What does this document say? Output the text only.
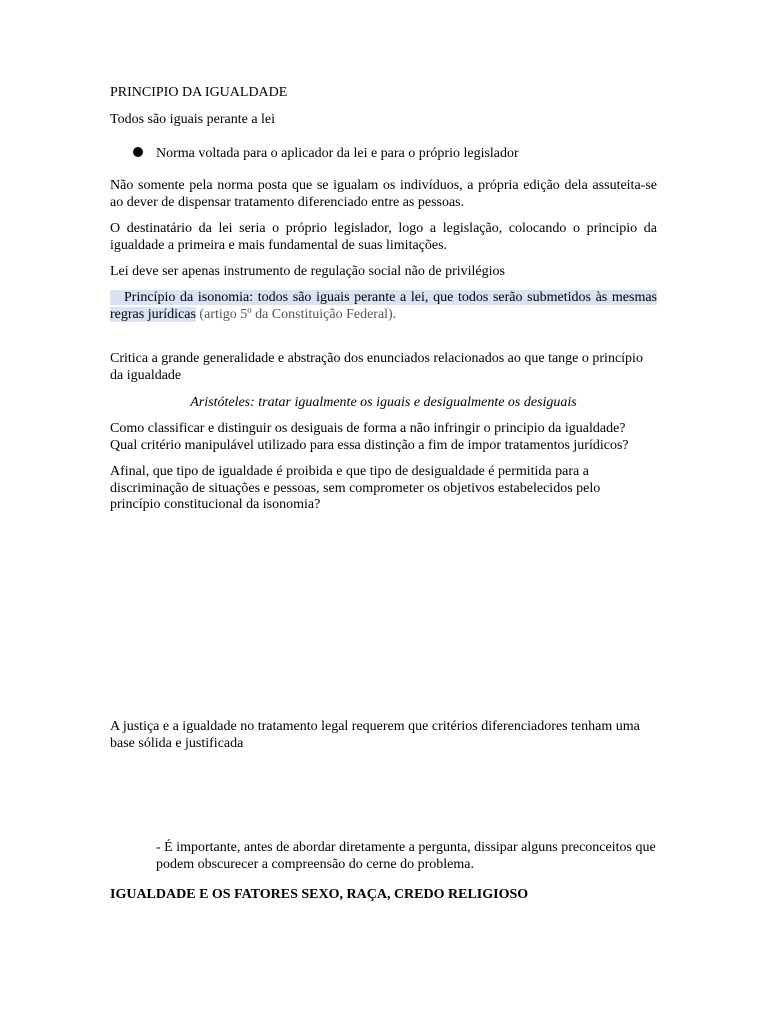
PRINCIPIO DA IGUALDADE
Todos são iguais perante a lei
Norma voltada para o aplicador da lei e para o próprio legislador
Não somente pela norma posta que se igualam os indivíduos, a própria edição dela assuteita-se ao dever de dispensar tratamento diferenciado entre as pessoas.
O destinatário da lei seria o próprio legislador, logo a legislação, colocando o principio da igualdade a primeira e mais fundamental de suas limitações.
Lei deve ser apenas instrumento de regulação social não de privilégios
Princípio da isonomia: todos são iguais perante a lei, que todos serão submetidos às mesmas regras jurídicas (artigo 5º da Constituição Federal).
Critica a grande generalidade e abstração dos enunciados relacionados ao que tange o princípio da igualdade
Aristóteles: tratar igualmente os iguais e desigualmente os desiguais
Como classificar e distinguir os desiguais de forma a não infringir o principio da igualdade?
Qual critério manipulável utilizado para essa distinção a fim de impor tratamentos jurídicos?
Afinal, que tipo de igualdade é proibida e que tipo de desigualdade é permitida para a discriminação de situações e pessoas, sem comprometer os objetivos estabelecidos pelo princípio constitucional da isonomia?
A justiça e a igualdade no tratamento legal requerem que critérios diferenciadores tenham uma base sólida e justificada
- É importante, antes de abordar diretamente a pergunta, dissipar alguns preconceitos que podem obscurecer a compreensão do cerne do problema.
IGUALDADE E OS FATORES SEXO, RAÇA, CREDO RELIGIOSO
